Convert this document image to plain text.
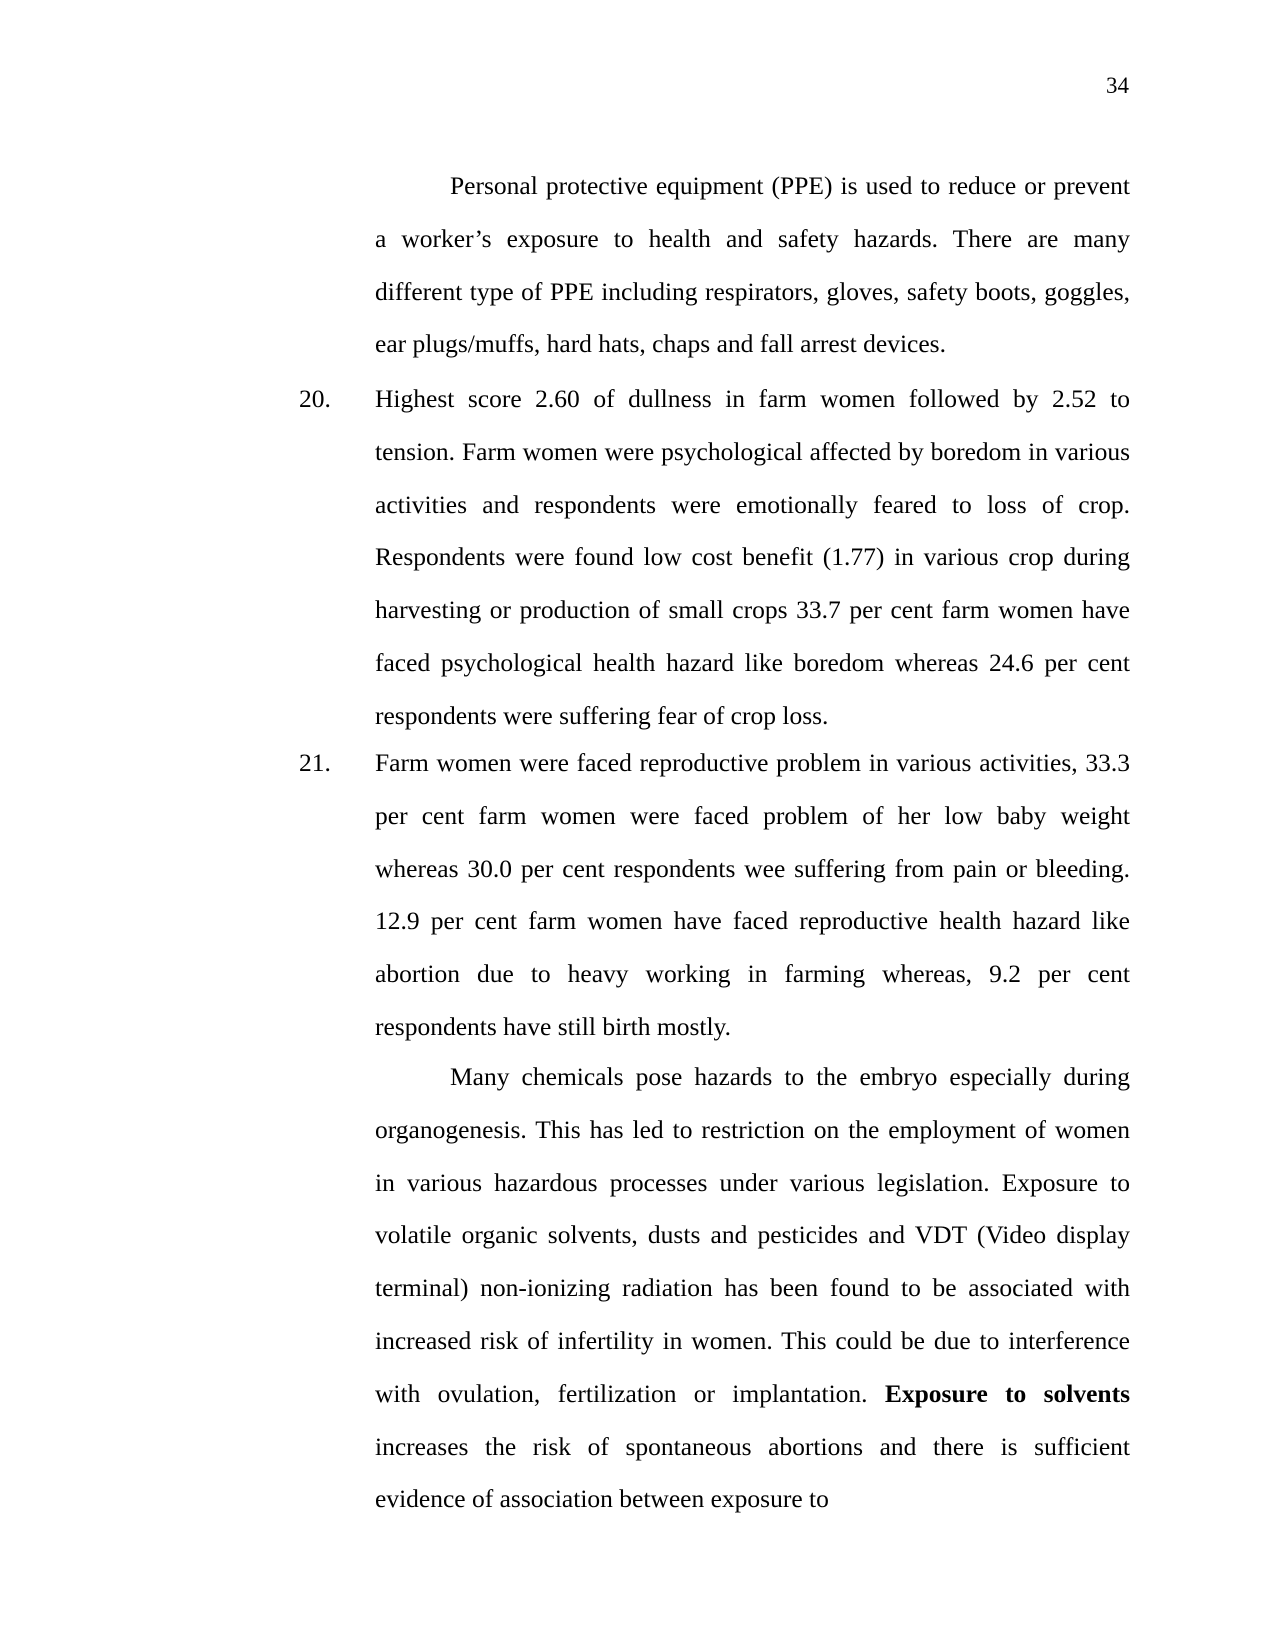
34

Personal protective equipment (PPE) is used to reduce or prevent a worker’s exposure to health and safety hazards. There are many different type of PPE including respirators, gloves, safety boots, goggles, ear plugs/muffs, hard hats, chaps and fall arrest devices.

20. Highest score 2.60 of dullness in farm women followed by 2.52 to tension. Farm women were psychological affected by boredom in various activities and respondents were emotionally feared to loss of crop. Respondents were found low cost benefit (1.77) in various crop during harvesting or production of small crops 33.7 per cent farm women have faced psychological health hazard like boredom whereas 24.6 per cent respondents were suffering fear of crop loss.

21. Farm women were faced reproductive problem in various activities, 33.3 per cent farm women were faced problem of her low baby weight whereas 30.0 per cent respondents wee suffering from pain or bleeding. 12.9 per cent farm women have faced reproductive health hazard like abortion due to heavy working in farming whereas, 9.2 per cent respondents have still birth mostly.

Many chemicals pose hazards to the embryo especially during organogenesis. This has led to restriction on the employment of women in various hazardous processes under various legislation. Exposure to volatile organic solvents, dusts and pesticides and VDT (Video display terminal) non-ionizing radiation has been found to be associated with increased risk of infertility in women. This could be due to interference with ovulation, fertilization or implantation. Exposure to solvents increases the risk of spontaneous abortions and there is sufficient evidence of association between exposure to
